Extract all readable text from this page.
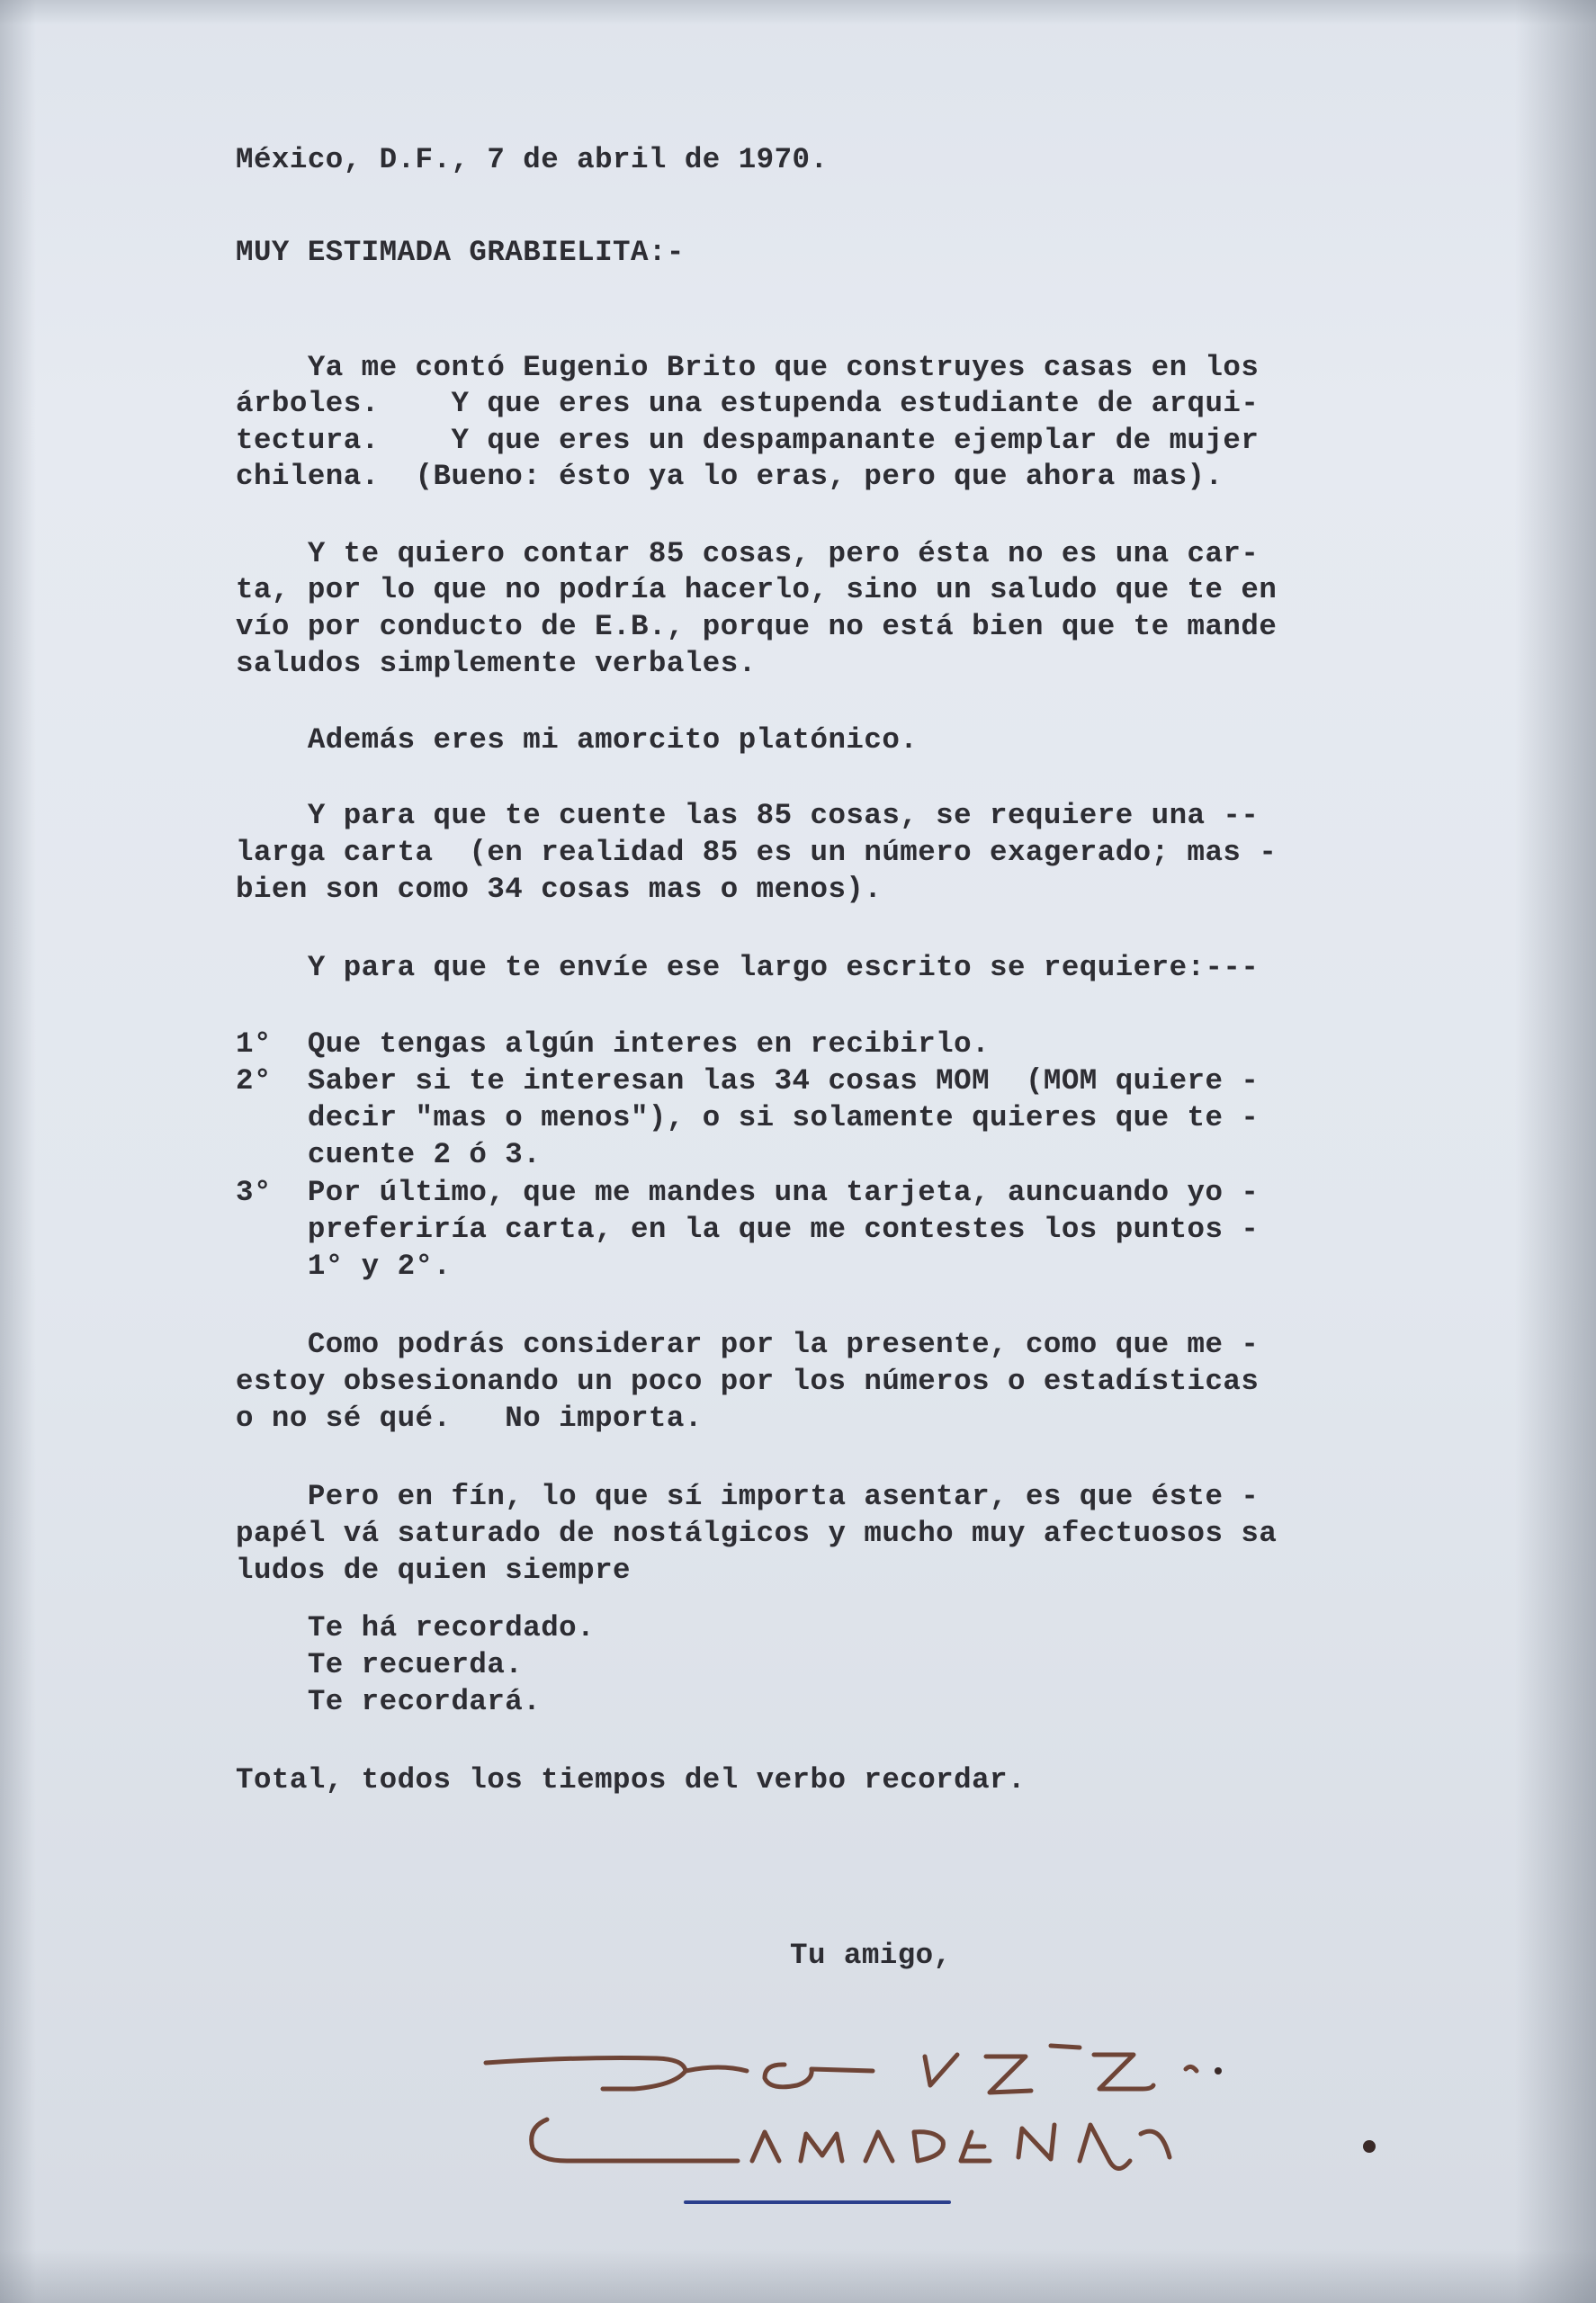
México, D.F., 7 de abril de 1970.

MUY ESTIMADA GRABIELITA:-

Ya me contó Eugenio Brito que construyes casas en los

árboles.    Y que eres una estupenda estudiante de arqui-

tectura.    Y que eres un despampanante ejemplar de mujer

chilena.  (Bueno: ésto ya lo eras, pero que ahora mas).

Y te quiero contar 85 cosas, pero ésta no es una car-

ta, por lo que no podría hacerlo, sino un saludo que te en

vío por conducto de E.B., porque no está bien que te mande

saludos simplemente verbales.

Además eres mi amorcito platónico.

Y para que te cuente las 85 cosas, se requiere una --

larga carta  (en realidad 85 es un número exagerado; mas -

bien son como 34 cosas mas o menos).

Y para que te envíe ese largo escrito se requiere:---

1°  Que tengas algún interes en recibirlo.

2°  Saber si te interesan las 34 cosas MOM  (MOM quiere -

decir "mas o menos"), o si solamente quieres que te -

cuente 2 ó 3.

3°  Por último, que me mandes una tarjeta, auncuando yo -

preferiría carta, en la que me contestes los puntos -

1° y 2°.

Como podrás considerar por la presente, como que me -

estoy obsesionando un poco por los números o estadísticas

o no sé qué.   No importa.

Pero en fín, lo que sí importa asentar, es que éste -

papél vá saturado de nostálgicos y mucho muy afectuosos sa

ludos de quien siempre

Te há recordado.

Te recuerda.

Te recordará.

Total, todos los tiempos del verbo recordar.

Tu amigo,
